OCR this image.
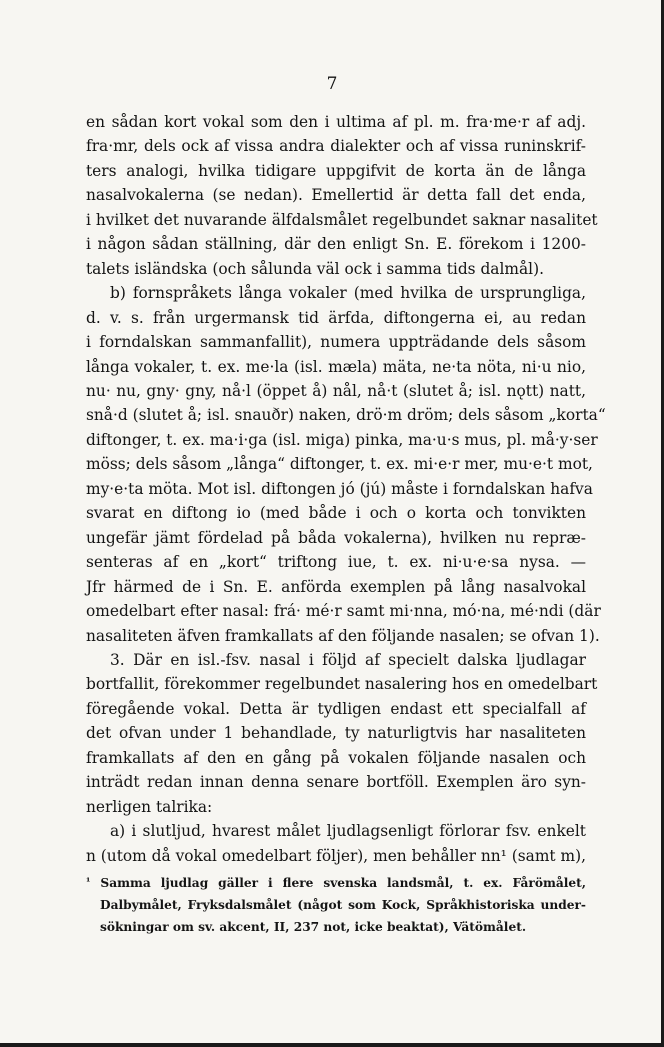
7
en sådan kort vokal som den i ultima af pl. m. fra·me·r af adj.
fra·mr, dels ock af vissa andra dialekter och af vissa runinskrif-
ters analogi, hvilka tidigare uppgifvit de korta än de långa
nasalvokalerna (se nedan). Emellertid är detta fall det enda,
i hvilket det nuvarande älfdalsmålet regelbundet saknar nasalitet
i någon sådan ställning, där den enligt Sn. E. förekom i 1200-
talets isländska (och sålunda väl ock i samma tids dalmål).
b) fornspråkets långa vokaler (med hvilka de ursprungliga,
d. v. s. från urgermansk tid ärfda, diftongerna ei, au redan
i forndalskan sammanfallit), numera uppträdande dels såsom
långa vokaler, t. ex. me·la (isl. mæla) mäta, ne·ta nöta, ni·u nio,
nu· nu, gny· gny, nå·l (öppet å) nål, nå·t (slutet å; isl. nǫtt) natt,
snå·d (slutet å; isl. snauðr) naken, drö·m dröm; dels såsom „korta“
diftonger, t. ex. ma·i·ga (isl. miga) pinka, ma·u·s mus, pl. må·y·ser
möss; dels såsom „långa“ diftonger, t. ex. mi·e·r mer, mu·e·t mot,
my·e·ta möta. Mot isl. diftongen jó (jú) måste i forndalskan hafva
svarat en diftong io (med både i och o korta och tonvikten
ungefär jämt fördelad på båda vokalerna), hvilken nu repræ-
senteras af en „kort“ triftong iue, t. ex. ni·u·e·sa nysa. —
Jfr härmed de i Sn. E. anförda exemplen på lång nasalvokal
omedelbart efter nasal: frá· mé·r samt mi·nna, mó·na, mé·ndi (där
nasaliteten äfven framkallats af den följande nasalen; se ofvan 1).
3. Där en isl.-fsv. nasal i följd af specielt dalska ljudlagar
bortfallit, förekommer regelbundet nasalering hos en omedelbart
föregående vokal. Detta är tydligen endast ett specialfall af
det ofvan under 1 behandlade, ty naturligtvis har nasaliteten
framkallats af den en gång på vokalen följande nasalen och
inträdt redan innan denna senare bortföll. Exemplen äro syn-
nerligen talrika:
a) i slutljud, hvarest målet ljudlagsenligt förlorar fsv. enkelt
n (utom då vokal omedelbart följer), men behåller nn¹ (samt m),
¹ Samma ljudlag gäller i flere svenska landsmål, t. ex. Fårömålet,
Dalbymålet, Fryksdalsmålet (något som Kock, Språkhistoriska under-
sökningar om sv. akcent, II, 237 not, icke beaktat), Vätömålet.
